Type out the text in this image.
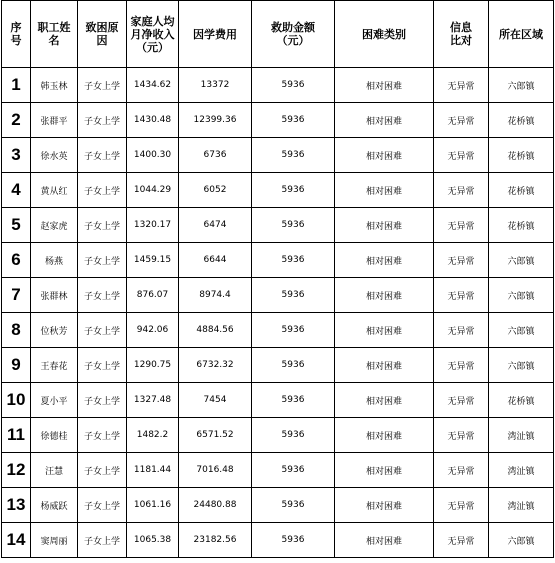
序号	职工姓名	致困原因	家庭人均月净收入（元）	因学费用	救助金额（元）	困难类别	信息比对	所在区域
1	韩玉林	子女上学	1434.62	13372	5936	相对困难	无异常	六郎镇
2	张群平	子女上学	1430.48	12399.36	5936	相对困难	无异常	花桥镇
3	徐水英	子女上学	1400.30	6736	5936	相对困难	无异常	花桥镇
4	黄从红	子女上学	1044.29	6052	5936	相对困难	无异常	花桥镇
5	赵家虎	子女上学	1320.17	6474	5936	相对困难	无异常	花桥镇
6	杨燕	子女上学	1459.15	6644	5936	相对困难	无异常	六郎镇
7	张群林	子女上学	876.07	8974.4	5936	相对困难	无异常	六郎镇
8	位秋芳	子女上学	942.06	4884.56	5936	相对困难	无异常	六郎镇
9	王春花	子女上学	1290.75	6732.32	5936	相对困难	无异常	六郎镇
10	夏小平	子女上学	1327.48	7454	5936	相对困难	无异常	花桥镇
11	徐德桂	子女上学	1482.2	6571.52	5936	相对困难	无异常	湾沚镇
12	汪慧	子女上学	1181.44	7016.48	5936	相对困难	无异常	湾沚镇
13	杨威跃	子女上学	1061.16	24480.88	5936	相对困难	无异常	湾沚镇
14	窦周丽	子女上学	1065.38	23182.56	5936	相对困难	无异常	六郎镇
